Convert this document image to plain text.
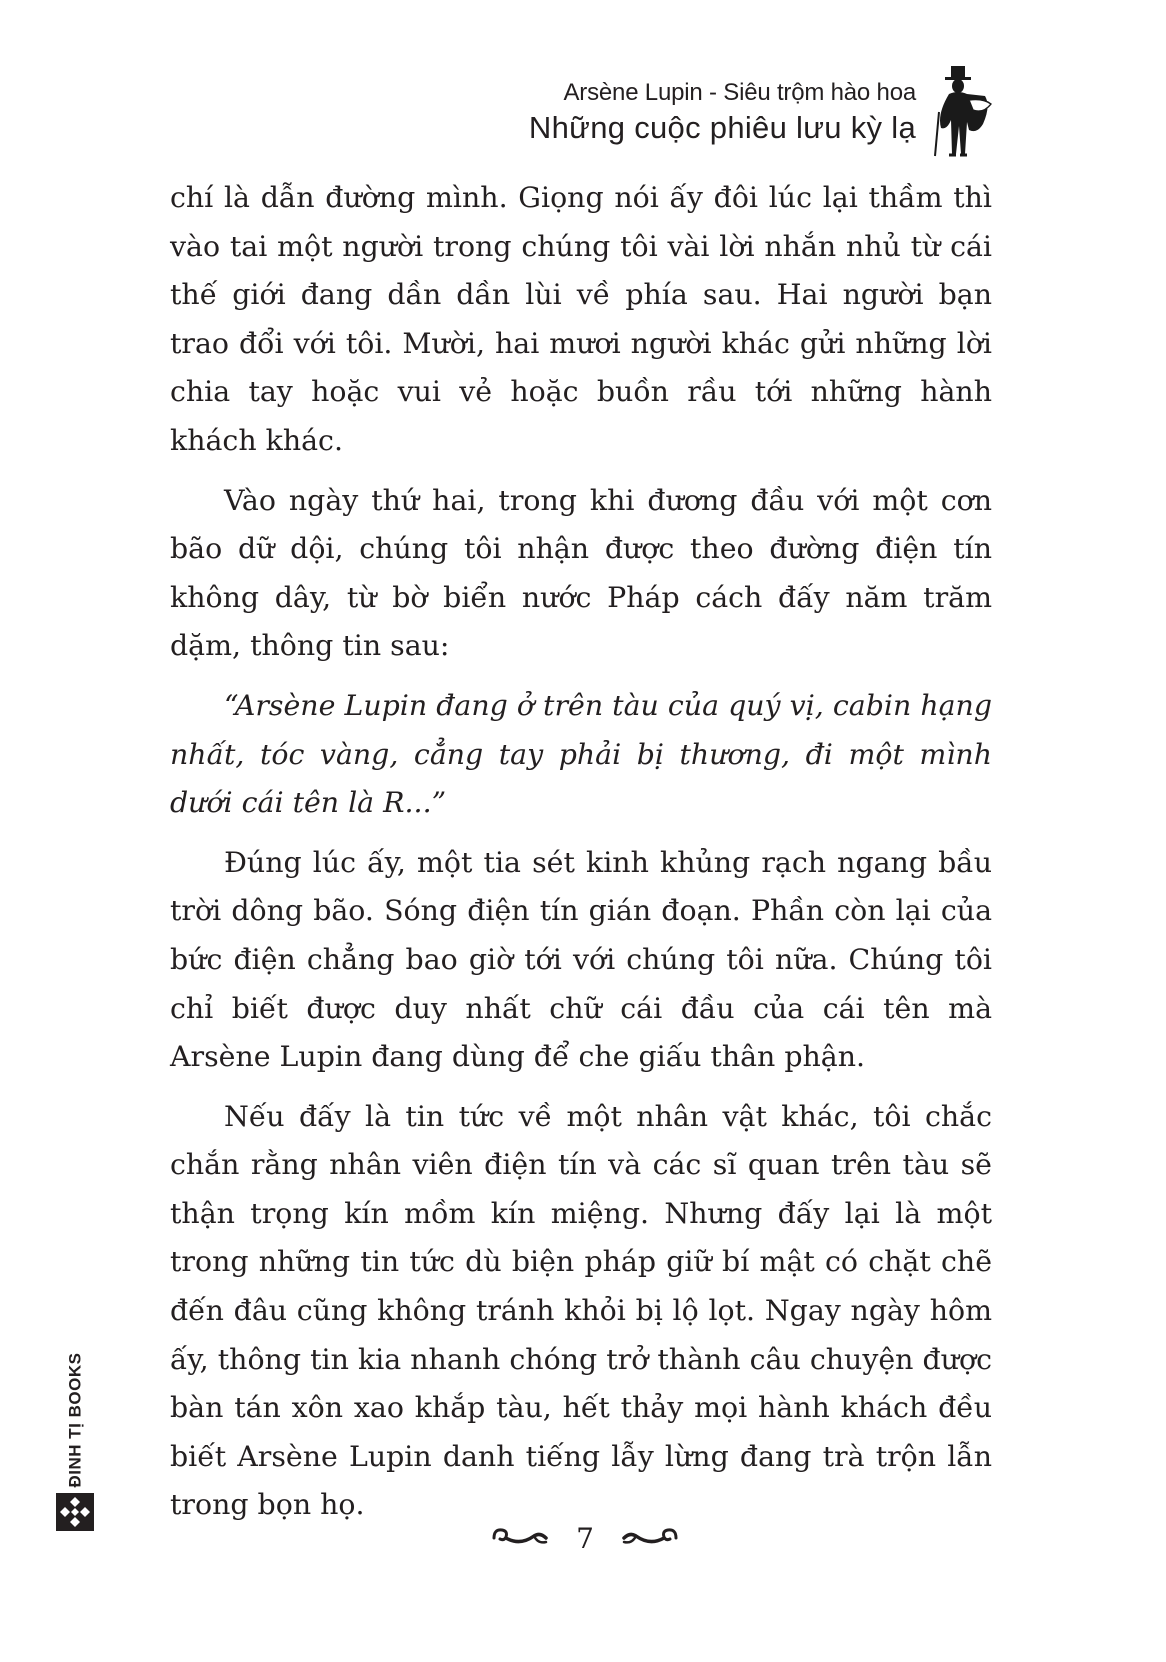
Arsène Lupin - Siêu trộm hào hoa
Những cuộc phiêu lưu kỳ lạ

chí là dẫn đường mình. Giọng nói ấy đôi lúc lại thầm thì vào tai một người trong chúng tôi vài lời nhắn nhủ từ cái thế giới đang dần dần lùi về phía sau. Hai người bạn trao đổi với tôi. Mười, hai mươi người khác gửi những lời chia tay hoặc vui vẻ hoặc buồn rầu tới những hành khách khác.

Vào ngày thứ hai, trong khi đương đầu với một cơn bão dữ dội, chúng tôi nhận được theo đường điện tín không dây, từ bờ biển nước Pháp cách đấy năm trăm dặm, thông tin sau:

“Arsène Lupin đang ở trên tàu của quý vị, cabin hạng nhất, tóc vàng, cẳng tay phải bị thương, đi một mình dưới cái tên là R...”

Đúng lúc ấy, một tia sét kinh khủng rạch ngang bầu trời dông bão. Sóng điện tín gián đoạn. Phần còn lại của bức điện chẳng bao giờ tới với chúng tôi nữa. Chúng tôi chỉ biết được duy nhất chữ cái đầu của cái tên mà Arsène Lupin đang dùng để che giấu thân phận.

Nếu đấy là tin tức về một nhân vật khác, tôi chắc chắn rằng nhân viên điện tín và các sĩ quan trên tàu sẽ thận trọng kín mồm kín miệng. Nhưng đấy lại là một trong những tin tức dù biện pháp giữ bí mật có chặt chẽ đến đâu cũng không tránh khỏi bị lộ lọt. Ngay ngày hôm ấy, thông tin kia nhanh chóng trở thành câu chuyện được bàn tán xôn xao khắp tàu, hết thảy mọi hành khách đều biết Arsène Lupin danh tiếng lẫy lừng đang trà trộn lẫn trong bọn họ.

7
ĐINH TỊ BOOKS
